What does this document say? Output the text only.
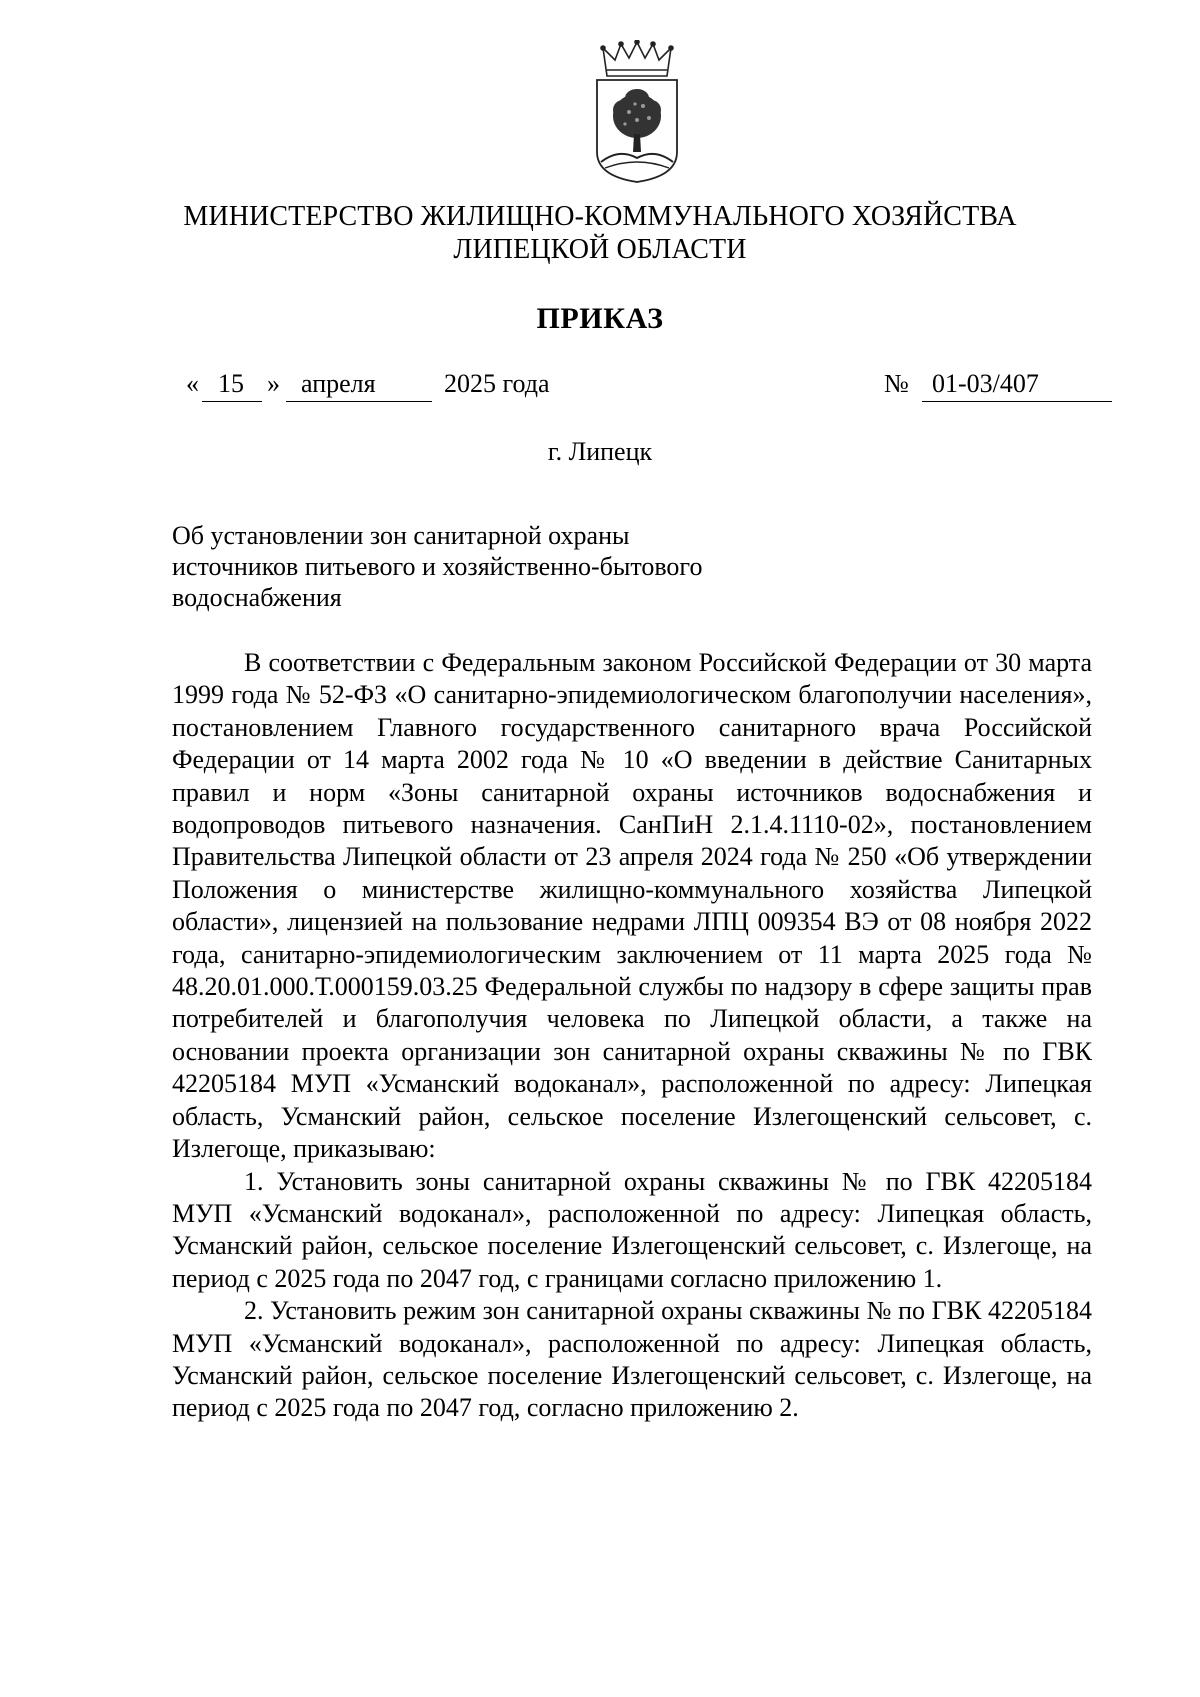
МИНИСТЕРСТВО ЖИЛИЩНО-КОММУНАЛЬНОГО ХОЗЯЙСТВА
ЛИПЕЦКОЙ ОБЛАСТИ
ПРИКАЗ
« 15 » апреля	2025 года	№ 01-03/407
г. Липецк
Об установлении зон санитарной охраны
источников питьевого и хозяйственно-бытового
водоснабжения

В соответствии с Федеральным законом Российской Федерации от 30 марта 1999 года № 52-ФЗ «О санитарно-эпидемиологическом благополучии населения», постановлением Главного государственного санитарного врача Российской Федерации от 14 марта 2002 года № 10 «О введении в действие Санитарных правил и норм «Зоны санитарной охраны источников водоснабжения и водопроводов питьевого назначения. СанПиН 2.1.4.1110-02», постановлением Правительства Липецкой области от 23 апреля 2024 года № 250 «Об утверждении Положения о министерстве жилищно-коммунального хозяйства Липецкой области», лицензией на пользование недрами ЛПЦ 009354 ВЭ от 08 ноября 2022 года, санитарно-эпидемиологическим заключением от 11 марта 2025 года № 48.20.01.000.Т.000159.03.25 Федеральной службы по надзору в сфере защиты прав потребителей и благополучия человека по Липецкой области, а также на основании проекта организации зон санитарной охраны скважины № по ГВК 42205184 МУП «Усманский водоканал», расположенной по адресу: Липецкая область, Усманский район, сельское поселение Излегощенский сельсовет, с. Излегоще, приказываю:

1. Установить зоны санитарной охраны скважины № по ГВК 42205184 МУП «Усманский водоканал», расположенной по адресу: Липецкая область, Усманский район, сельское поселение Излегощенский сельсовет, с. Излегоще, на период с 2025 года по 2047 год, с границами согласно приложению 1.

2. Установить режим зон санитарной охраны скважины № по ГВК 42205184 МУП «Усманский водоканал», расположенной по адресу: Липецкая область, Усманский район, сельское поселение Излегощенский сельсовет, с. Излегоще, на период с 2025 года по 2047 год, согласно приложению 2.
